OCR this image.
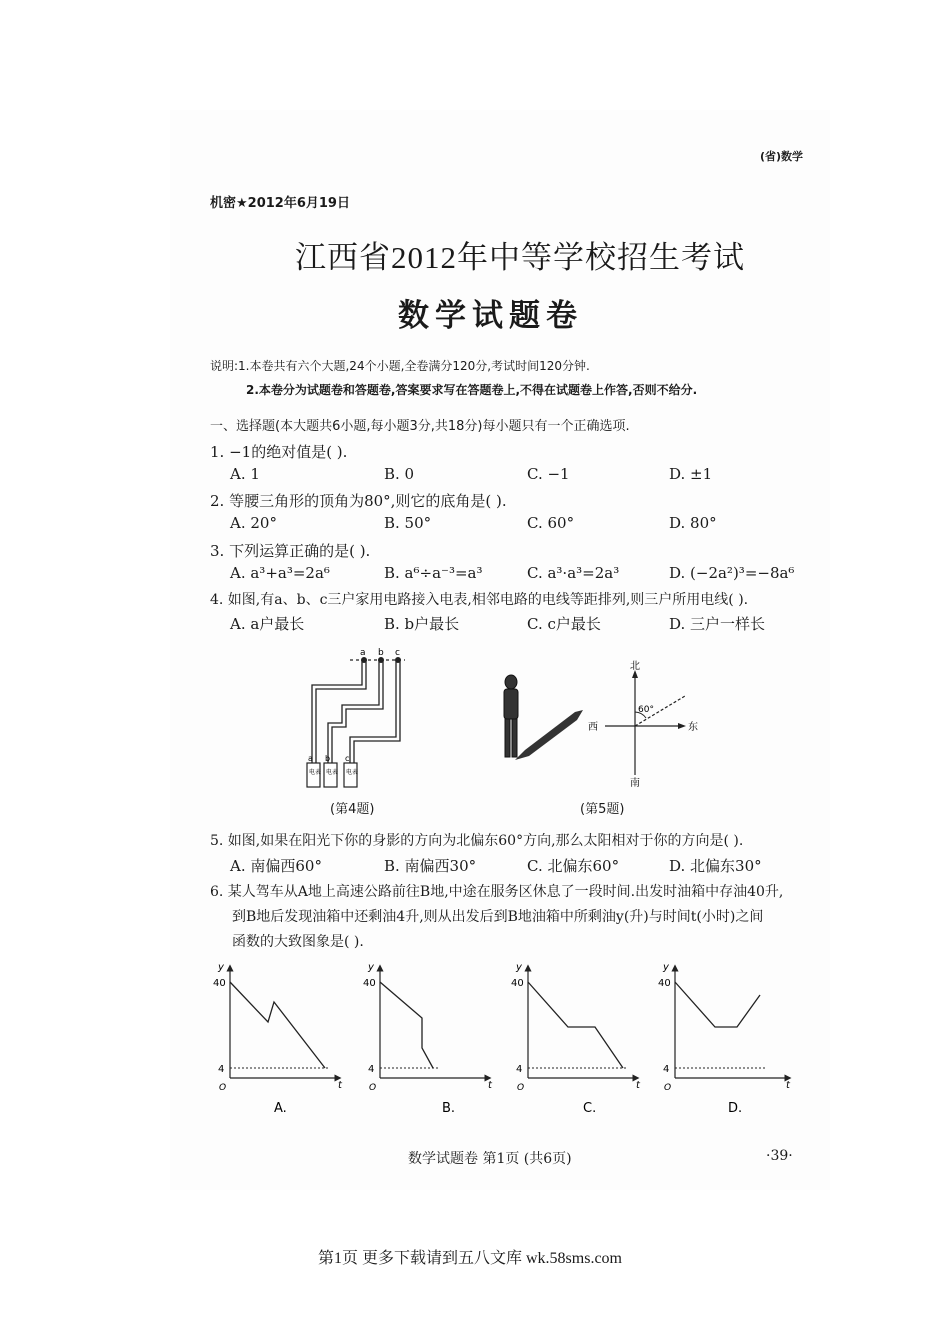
(省)数学
机密★2012年6月19日
江西省2012年中等学校招生考试
数学试题卷
说明:1.本卷共有六个大题,24个小题,全卷满分120分,考试时间120分钟.
2.本卷分为试题卷和答题卷,答案要求写在答题卷上,不得在试题卷上作答,否则不给分.
一、选择题(本大题共6小题,每小题3分,共18分)每小题只有一个正确选项.
1. −1的绝对值是( ).
A. 1	B. 0	C. −1	D. ±1
2. 等腰三角形的顶角为80°,则它的底角是( ).
A. 20°	B. 50°	C. 60°	D. 80°
3. 下列运算正确的是( ).
A. a³+a³=2a⁶	B. a⁶÷a⁻³=a³	C. a³·a³=2a³	D. (−2a²)³=−8a⁶
4. 如图,有a、b、c三户家用电路接入电表,相邻电路的电线等距排列,则三户所用电线( ).
A. a户最长	B. b户最长	C. c户最长	D. 三户一样长
a b c
a b c
电表 电表 电表
(第4题)
北
南
东
西
60°
(第5题)
5. 如图,如果在阳光下你的身影的方向为北偏东60°方向,那么太阳相对于你的方向是( ).
A. 南偏西60°	B. 南偏西30°	C. 北偏东60°	D. 北偏东30°
6. 某人驾车从A地上高速公路前往B地,中途在服务区休息了一段时间.出发时油箱中存油40升,
到B地后发现油箱中还剩油4升,则从出发后到B地油箱中所剩油y(升)与时间t(小时)之间
函数的大致图象是( ).
y
t
O
40
4
y
t
O
40
4
y
t
O
40
4
y
t
O
40
4
A.	B.	C.	D.
数学试题卷 第1页 (共6页)	·39·
第1页 更多下载请到五八文库 wk.58sms.com
